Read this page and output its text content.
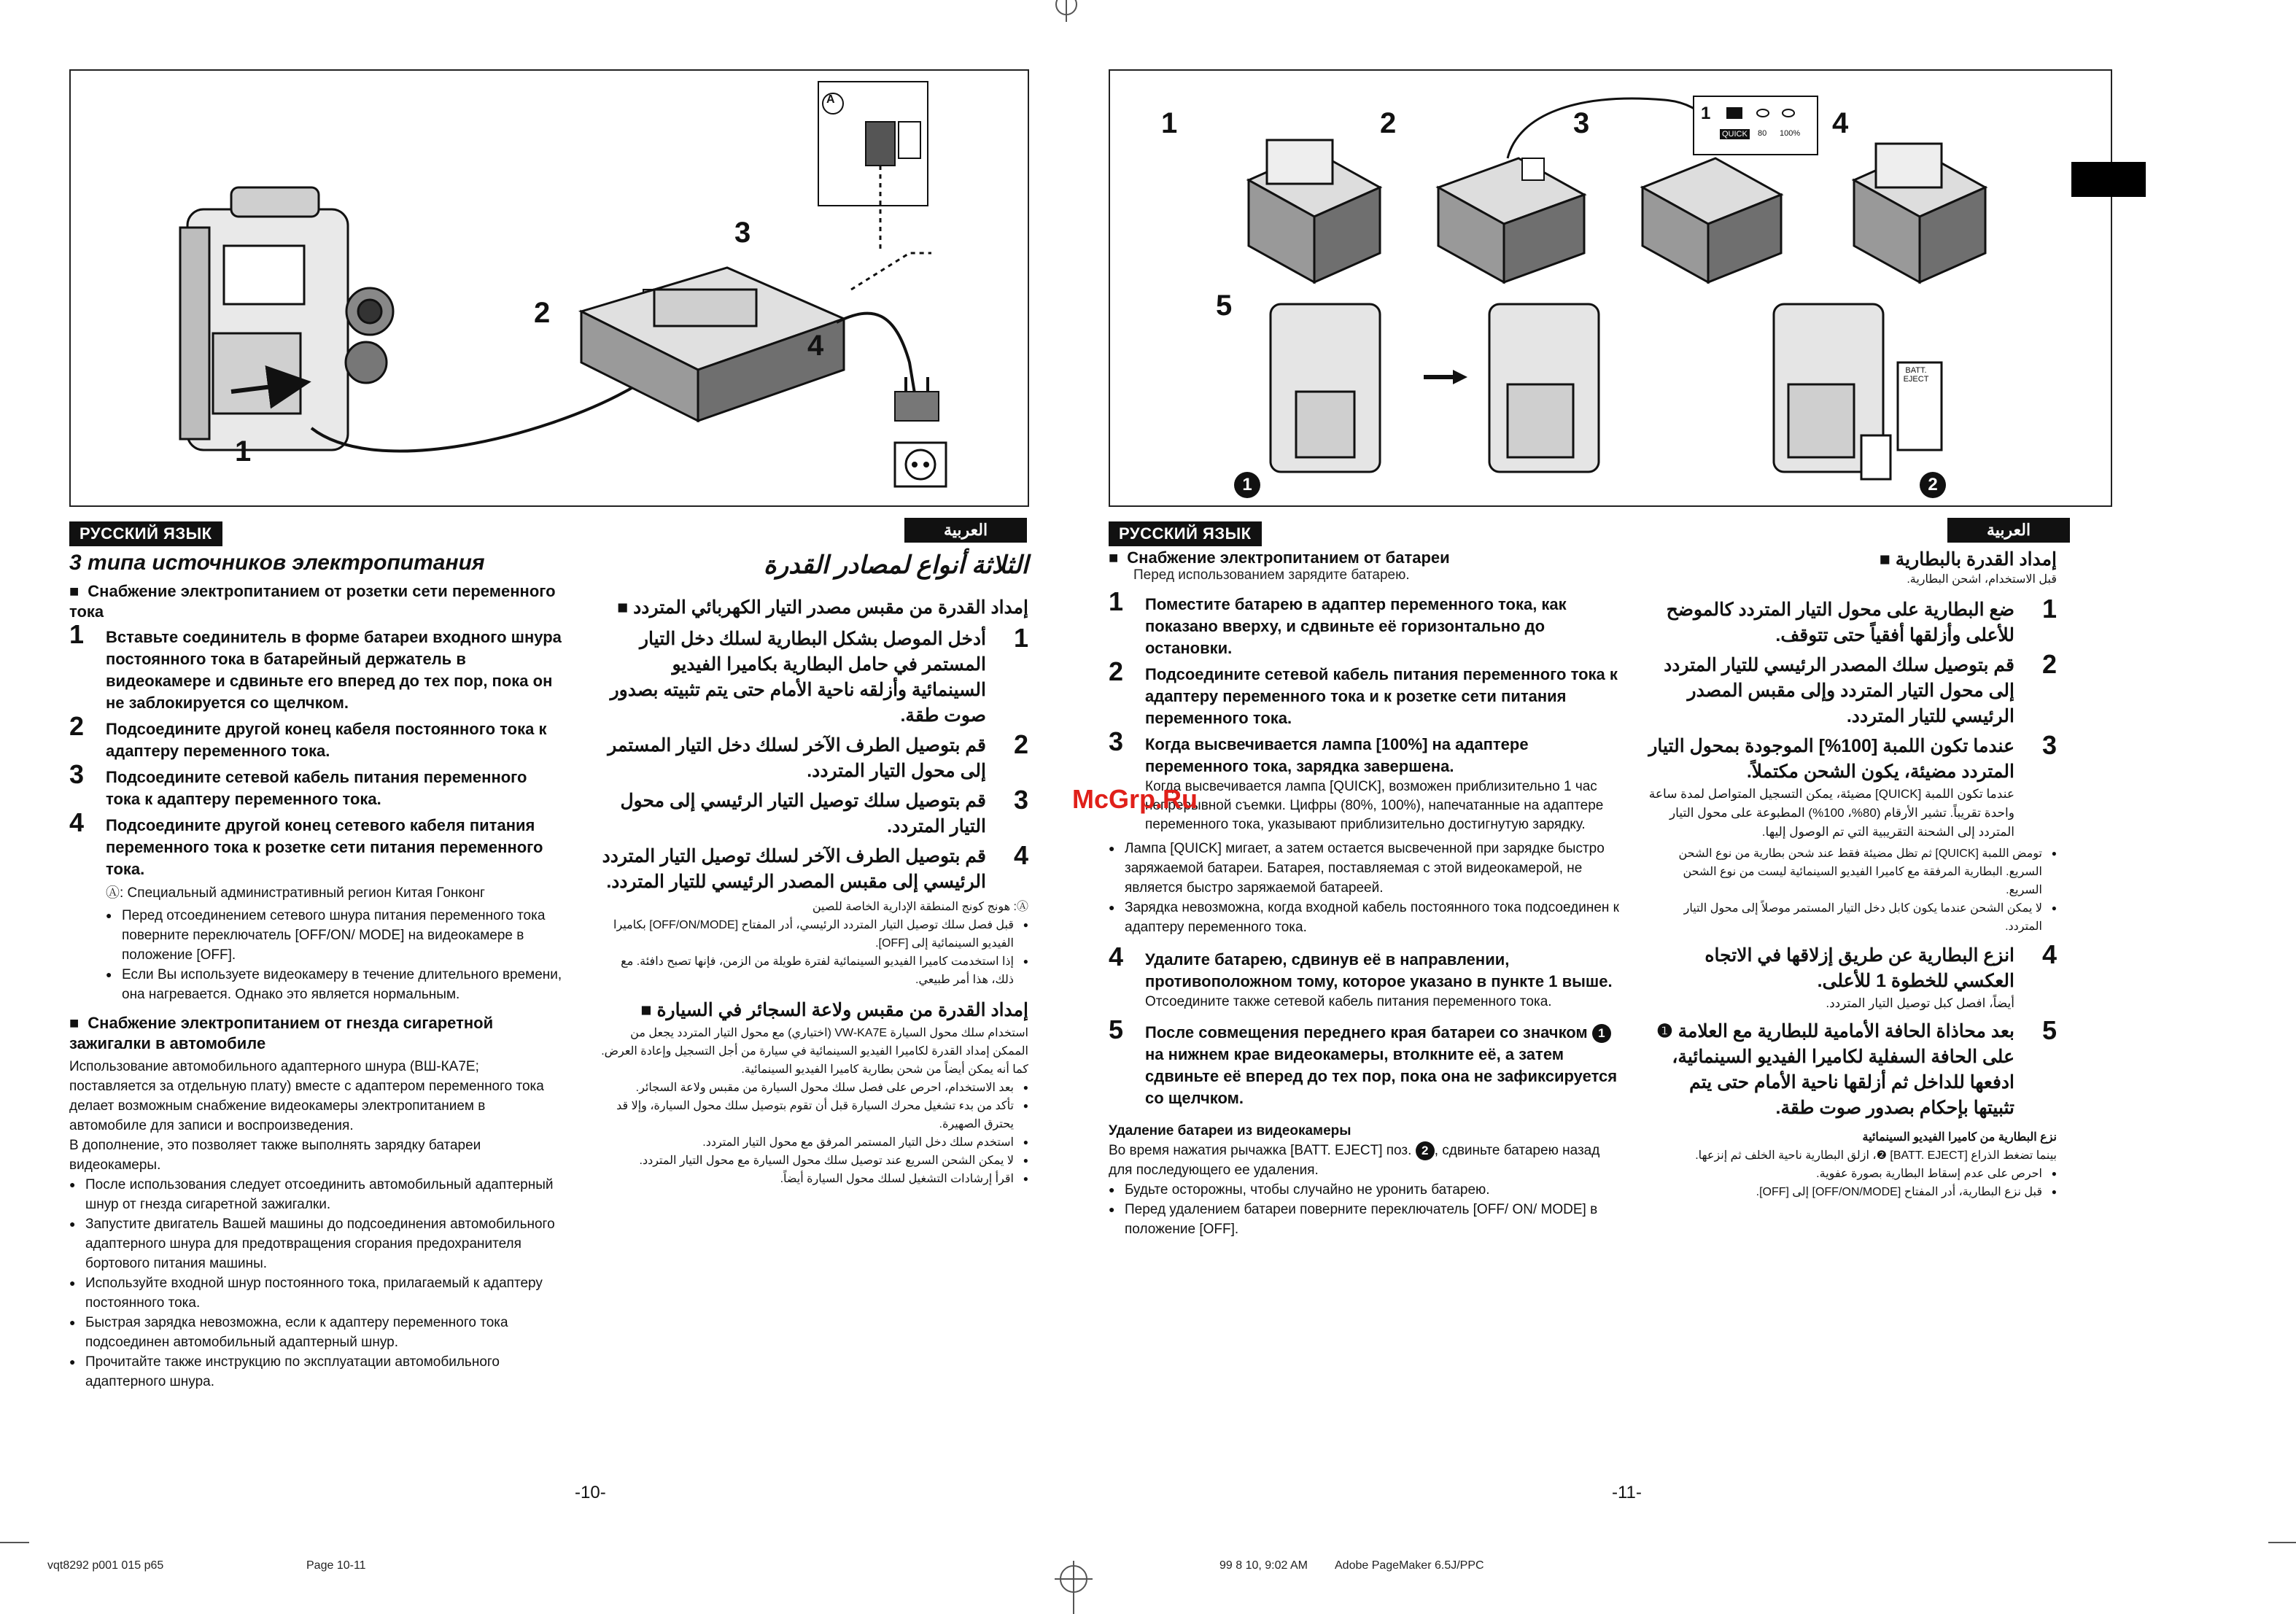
1
2
3
4
A
РУССКИЙ ЯЗЫК	العربية
3 типа источников электропитания
■ Снабжение электропитанием от розетки сети переменного тока
1 Вставьте соединитель в форме батареи входного шнура постоянного тока в батарейный держатель в видеокамере и сдвиньте его вперед до тех пор, пока он не заблокируется со щелчком.
2 Подсоедините другой конец кабеля постоянного тока к адаптеру переменного тока.
3 Подсоедините сетевой кабель питания переменного тока к адаптеру переменного тока.
4 Подсоедините другой конец сетевого кабеля питания переменного тока к розетке сети питания переменного тока.
Ⓐ: Специальный административный регион Китая Гонконг
● Перед отсоединением сетевого шнура питания переменного тока поверните переключатель [OFF/ON/ MODE] на видеокамере в положение [OFF].
● Если Вы используете видеокамеру в течение длительного времени, она нагревается. Однако это является нормальным.
■ Снабжение электропитанием от гнезда сигаретной зажигалки в автомобиле
Использование автомобильного адаптерного шнура (ВШ-КА7Е; поставляется за отдельную плату) вместе с адаптером переменного тока делает возможным снабжение видеокамеры электропитанием в автомобиле для записи и воспроизведения.
В дополнение, это позволяет также выполнять зарядку батареи видеокамеры.
● После использования следует отсоединить автомобильный адаптерный шнур от гнезда сигаретной зажигалки.
● Запустите двигатель Вашей машины до подсоединения автомобильного адаптерного шнура для предотвращения сгорания предохранителя бортового питания машины.
● Используйте входной шнур постоянного тока, прилагаемый к адаптеру постоянного тока.
● Быстрая зарядка невозможна, если к адаптеру переменного тока подсоединен автомобильный адаптерный шнур.
● Прочитайте также инструкцию по эксплуатации автомобильного адаптерного шнура.
الثلاثة أنواع لمصادر القدرة
إمداد القدرة من مقبس مصدر التيار الكهربائي المتردد ■
1
أدخل الموصل بشكل البطارية لسلك دخل التيار المستمر في حامل البطارية بكاميرا الفيديو السينمائية وأزلقه ناحية الأمام حتى يتم تثبيته بصدور صوت طقة.
2
قم بتوصيل الطرف الآخر لسلك دخل التيار المستمر إلى محول التيار المتردد.
3
قم بتوصيل سلك توصيل التيار الرئيسي إلى محول التيار المتردد.
4
قم بتوصيل الطرف الآخر لسلك توصيل التيار المتردد الرئيسي إلى مقبس المصدر الرئيسي للتيار المتردد.
Ⓐ: هونج كونج المنطقة الإدارية الخاصة للصين
● قبل فصل سلك توصيل التيار المتردد الرئيسي، أدر المفتاح [OFF/ON/MODE] بكاميرا الفيديو السينمائية إلى [OFF].
● إذا استخدمت كاميرا الفيديو السينمائية لفترة طويلة من الزمن، فإنها تصبح دافئة. مع ذلك، هذا أمر طبيعي.
إمداد القدرة من مقبس ولاعة السجائر في السيارة ■
استخدام سلك محول السيارة VW-KA7E (اختياري) مع محول التيار المتردد يجعل من الممكن إمداد القدرة لكاميرا الفيديو السينمائية في سيارة من أجل التسجيل وإعادة العرض. كما أنه يمكن أيضاً من شحن بطارية كاميرا الفيديو السينمائية.
● بعد الاستخدام، احرص على فصل سلك محول السيارة من مقبس ولاعة السجائر.
● تأكد من بدء تشغيل محرك السيارة قبل أن تقوم بتوصيل سلك محول السيارة، وإلا قد يحترق الصهيرة.
● استخدم سلك دخل التيار المستمر المرفق مع محول التيار المتردد.
● لا يمكن الشحن السريع عند توصيل سلك محول السيارة مع محول التيار المتردد.
● اقرأ إرشادات التشغيل لسلك محول السيارة أيضاً.
-10-
1	2	3	4
5
1
QUICK 80 100%
BATT. EJECT
1	2
РУССКИЙ ЯЗЫК	العربية
■ Снабжение электропитанием от батареи
Перед использованием зарядите батарею.
1 Поместите батарею в адаптер переменного тока, как показано вверху, и сдвиньте её горизонтально до остановки.
2 Подсоедините сетевой кабель питания переменного тока к адаптеру переменного тока и к розетке сети питания переменного тока.
3 Когда высвечивается лампа [100%] на адаптере переменного тока, зарядка завершена.
Когда высвечивается лампа [QUICK], возможен приблизительно 1 час непрерывной съемки. Цифры (80%, 100%), напечатанные на адаптере переменного тока, указывают приблизительно достигнутую зарядку.
● Лампа [QUICK] мигает, а затем остается высвеченной при зарядке быстро заряжаемой батареи. Батарея, поставляемая с этой видеокамерой, не является быстро заряжаемой батареей.
● Зарядка невозможна, когда входной кабель постоянного тока подсоединен к адаптеру переменного тока.
4 Удалите батарею, сдвинув её в направлении, противоположном тому, которое указано в пункте 1 выше.
Отсоедините также сетевой кабель питания переменного тока.
5 После совмещения переднего края батареи со значком 1 на нижнем крае видеокамеры, втолкните её, а затем сдвиньте её вперед до тех пор, пока она не зафиксируется со щелчком.
Удаление батареи из видеокамеры
Во время нажатия рычажка [BATT. EJECT] поз. 2 , сдвиньте батарею назад для последующего ее удаления.
● Будьте осторожны, чтобы случайно не уронить батарею.
● Перед удалением батареи поверните переключатель [OFF/ ON/ MODE] в положение [OFF].
إمداد القدرة بالبطارية ■
قبل الاستخدام، اشحن البطارية.
1
ضع البطارية على محول التيار المتردد كالموضح للأعلى وأزلقها أفقياً حتى تتوقف.
2
قم بتوصيل سلك المصدر الرئيسي للتيار المتردد إلى محول التيار المتردد وإلى مقبس المصدر الرئيسي للتيار المتردد.
3
عندما تكون اللمبة [100%] الموجودة بمحول التيار المتردد مضيئة، يكون الشحن مكتملاً.
عندما تكون اللمبة [QUICK] مضيئة، يمكن التسجيل المتواصل لمدة ساعة واحدة تقريباً. تشير الأرقام (80%، 100%) المطبوعة على محول التيار المتردد إلى الشحنة التقريبية التي تم الوصول إليها.
● تومض اللمبة [QUICK] ثم تظل مضيئة فقط عند شحن بطارية من نوع الشحن السريع. البطارية المرفقة مع كاميرا الفيديو السينمائية ليست من نوع الشحن السريع.
● لا يمكن الشحن عندما يكون كابل دخل التيار المستمر موصلاً إلى محول التيار المتردد.
4
انزع البطارية عن طريق إزلاقها في الاتجاه العكسي للخطوة 1 للأعلى.
أيضاً، افصل كبل توصيل التيار المتردد.
5
بعد محاذاة الحافة الأمامية للبطارية مع العلامة ❶ على الحافة السفلية لكاميرا الفيديو السينمائية، ادفعها للداخل ثم أزلقها ناحية الأمام حتى يتم تثبيتها بإحكام بصدور صوت طقة.
نزع البطارية من كاميرا الفيديو السينمائية
بينما تضغط الذراع [BATT. EJECT] ❷، ازلق البطارية ناحية الخلف ثم إنزعها.
● احرص على عدم إسقاط البطارية بصورة عفوية.
● قبل نزع البطارية، أدر المفتاح [OFF/ON/MODE] إلى [OFF].
-11-
McGrp.Ru
vqt8292 p001 015 p65	Page 10-11	99 8 10, 9:02 AM Adobe PageMaker 6.5J/PPC
